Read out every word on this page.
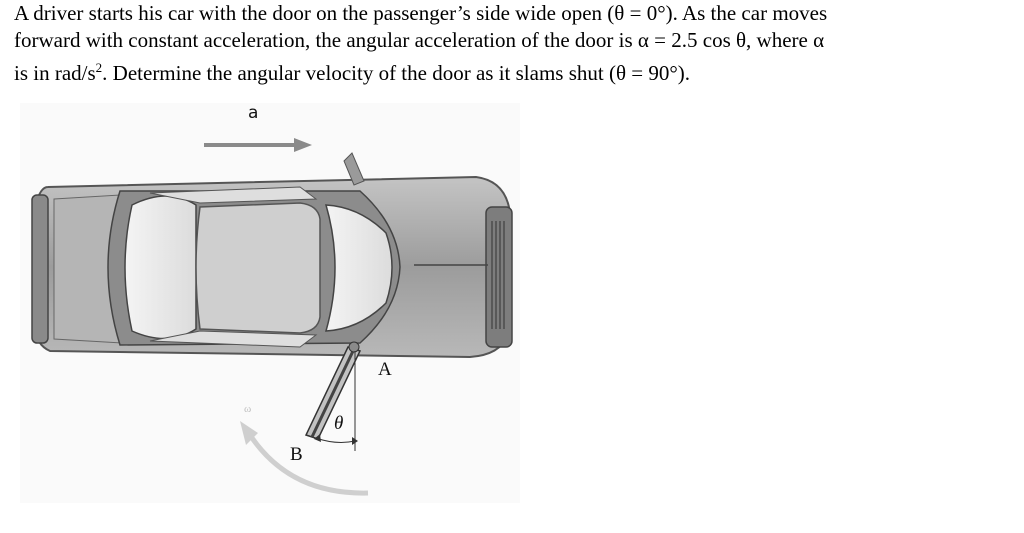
A driver starts his car with the door on the passenger’s side wide open (θ = 0°). As the car moves
forward with constant acceleration, the angular acceleration of the door is α = 2.5 cos θ, where α
is in rad/$s^2$. Determine the angular velocity of the door as it slams shut (θ = 90°).
a
A
θ
B
ω
